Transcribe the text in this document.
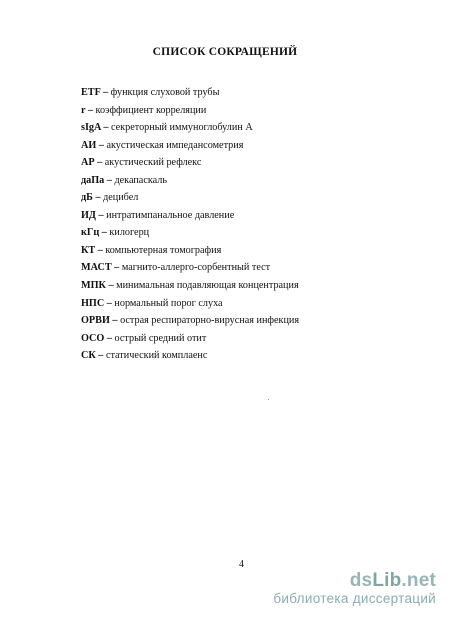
СПИСОК СОКРАЩЕНИЙ
ETF – функция слуховой трубы
r – коэффициент корреляции
sIgA – секреторный иммуноглобулин А
АИ – акустическая импедансометрия
АР – акустический рефлекс
даПа – декапаскаль
дБ – децибел
ИД – интратимпанальное давление
кГц – килогерц
КТ – компьютерная томография
МАСТ – магнито-аллерго-сорбентный тест
МПК – минимальная подавляющая концентрация
НПС – нормальный порог слуха
ОРВИ – острая респираторно-вирусная инфекция
ОСО – острый средний отит
СК – статический комплаенс
4
dsLib.net
библиотека диссертаций
